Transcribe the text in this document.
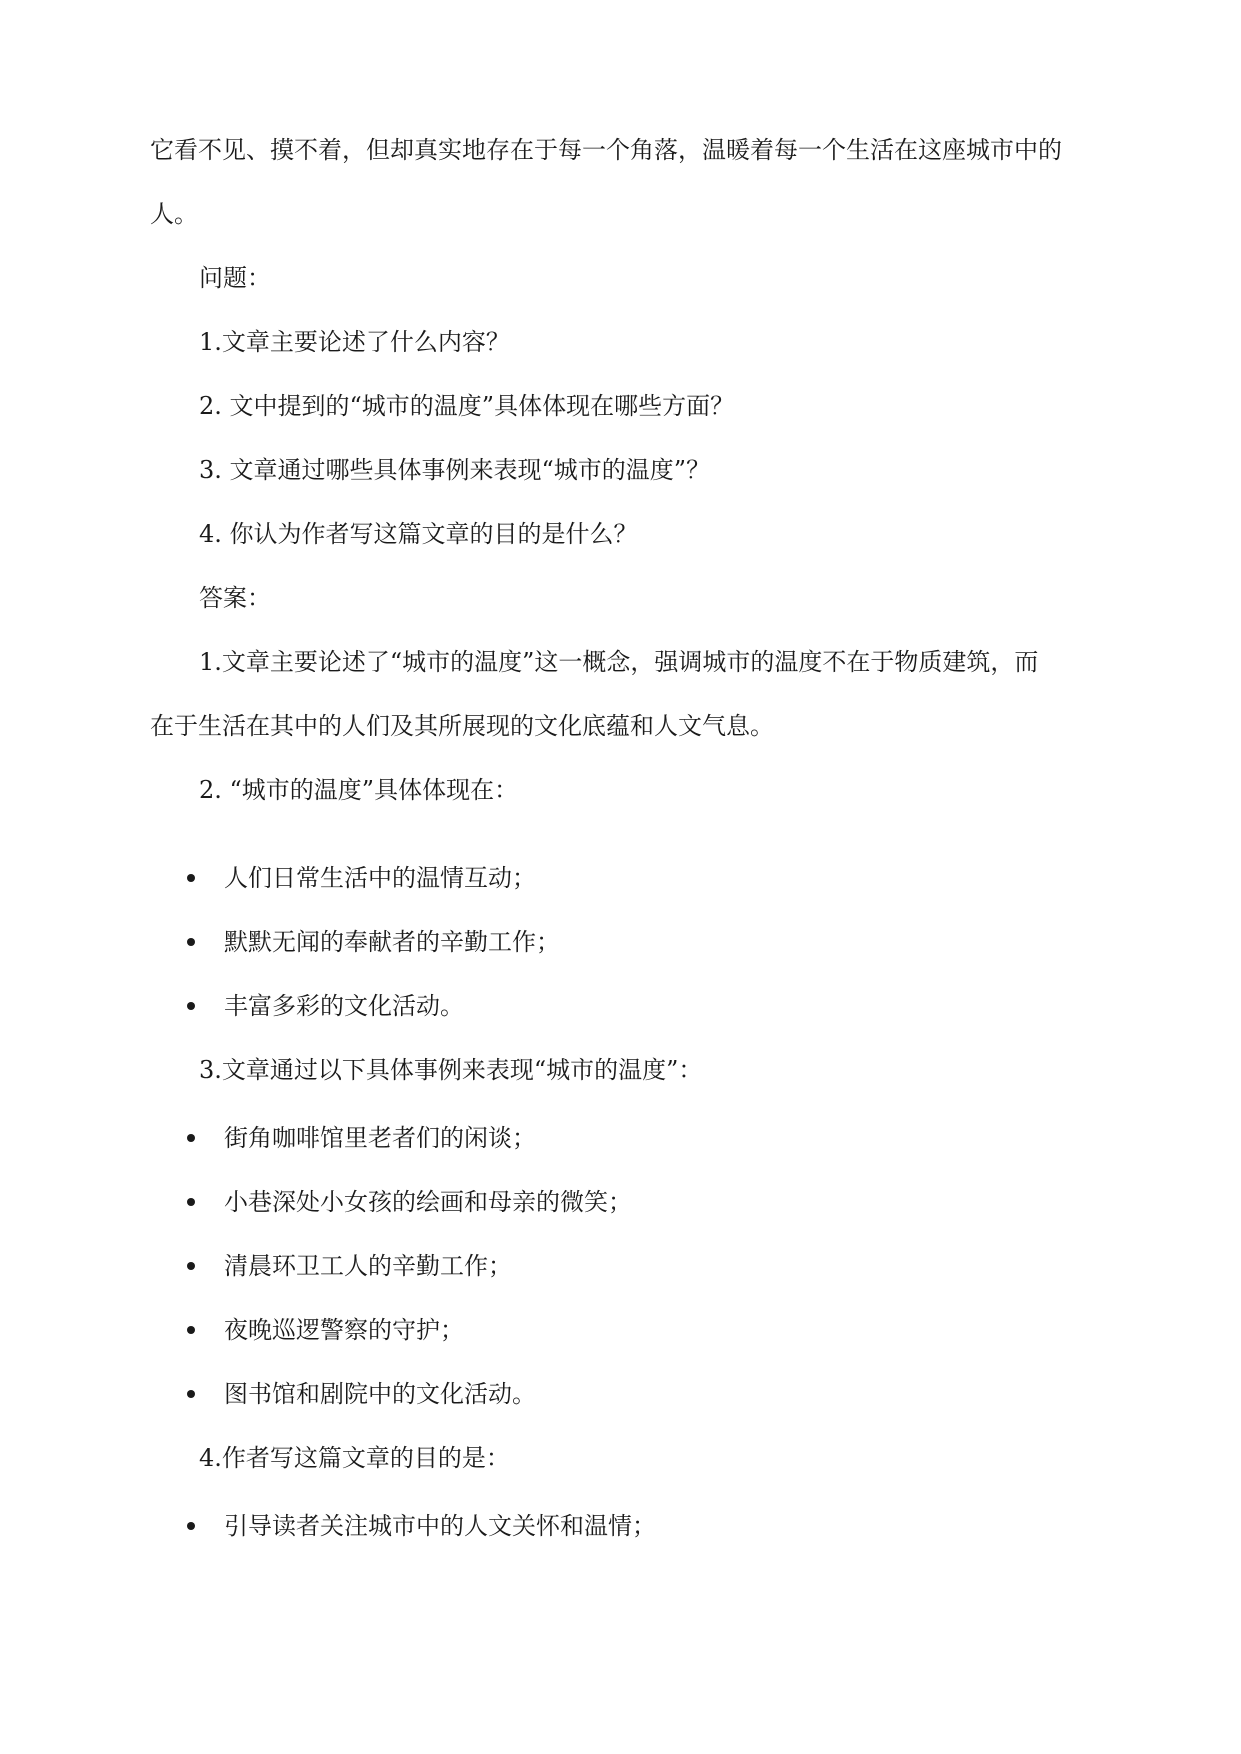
它看不见、摸不着，但却真实地存在于每一个角落，温暖着每一个生活在这座城市中的
人。
问题：
1.文章主要论述了什么内容？
2. 文中提到的“城市的温度”具体体现在哪些方面？
3. 文章通过哪些具体事例来表现“城市的温度”？
4. 你认为作者写这篇文章的目的是什么？
答案：
1.文章主要论述了“城市的温度”这一概念，强调城市的温度不在于物质建筑，而
在于生活在其中的人们及其所展现的文化底蕴和人文气息。
2. “城市的温度”具体体现在：
人们日常生活中的温情互动；
默默无闻的奉献者的辛勤工作；
丰富多彩的文化活动。
3.文章通过以下具体事例来表现“城市的温度”：
街角咖啡馆里老者们的闲谈；
小巷深处小女孩的绘画和母亲的微笑；
清晨环卫工人的辛勤工作；
夜晚巡逻警察的守护；
图书馆和剧院中的文化活动。
4.作者写这篇文章的目的是：
引导读者关注城市中的人文关怀和温情；
